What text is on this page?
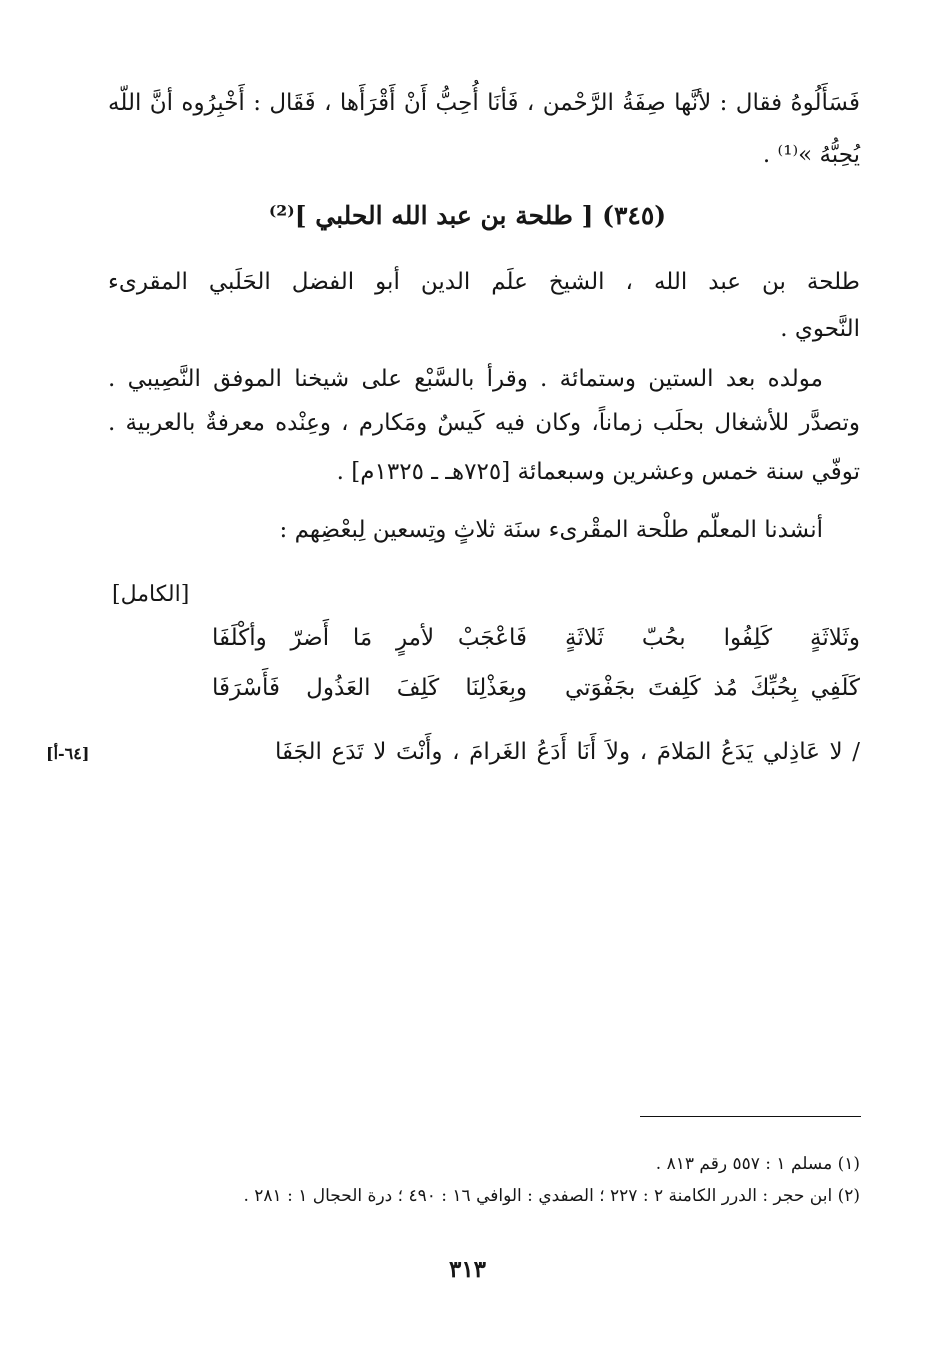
فَسَأَلُوهُ فقال : لأنَّها صِفَةُ الرَّحْمن ، فَأنَا أُحِبُّ أَنْ أَقْرَأَها ، فَقَال : أَخْبِرُوه أنَّ اللّه
يُحِبُّهُ »⁽¹⁾ .
(٣٤٥) [ طلحة بن عبد الله الحلبي ]⁽²⁾
طلحة بن عبد الله ، الشيخ علَم الدين أبو الفضل الحَلَبي المقرىء
النَّحوي .
مولده بعد الستين وستمائة . وقرأ بالسَّبْع على شيخنا الموفق النَّصِيبي .
وتصدَّر للأشغال بحلَب زماناً، وكان فيه كَيسٌ ومَكارم ، وعِنْده معرفةٌ بالعربية .
توفّي سنة خمس وعشرين وسبعمائة [٧٢٥هـ ـ ١٣٢٥م] .
أنشدنا المعلّم طلْحة المقْرىء سنَة ثلاثٍ وتِسعين لِبعْضِهم :
[الكامل]
وثَلاثَةٍ كَلِفُوا بحُبّ ثَلاثَةٍ
فَاعْجَبْ لأمرٍ مَا أَضرّ وأكْلَفَا
كَلَفِي بِحُبِّكَ مُذ كَلِفتَ بجَفْوَتي
وبِعَذْلِنَا كَلِفَ العَذُول فَأَسْرَفَا
/ لا عَاذِلي يَدَعُ المَلامَ ، ولاَ أَنَا أَدَعُ الغَرامَ ، وأَنْتَ لا تَدَع الجَفَا
[٦٤-أ]
(١) مسلم ١ : ٥٥٧ رقم ٨١٣ .
(٢) ابن حجر : الدرر الكامنة ٢ : ٢٢٧ ؛ الصفدي : الوافي ١٦ : ٤٩٠ ؛ درة الحجال ١ : ٢٨١ .
٣١٣
